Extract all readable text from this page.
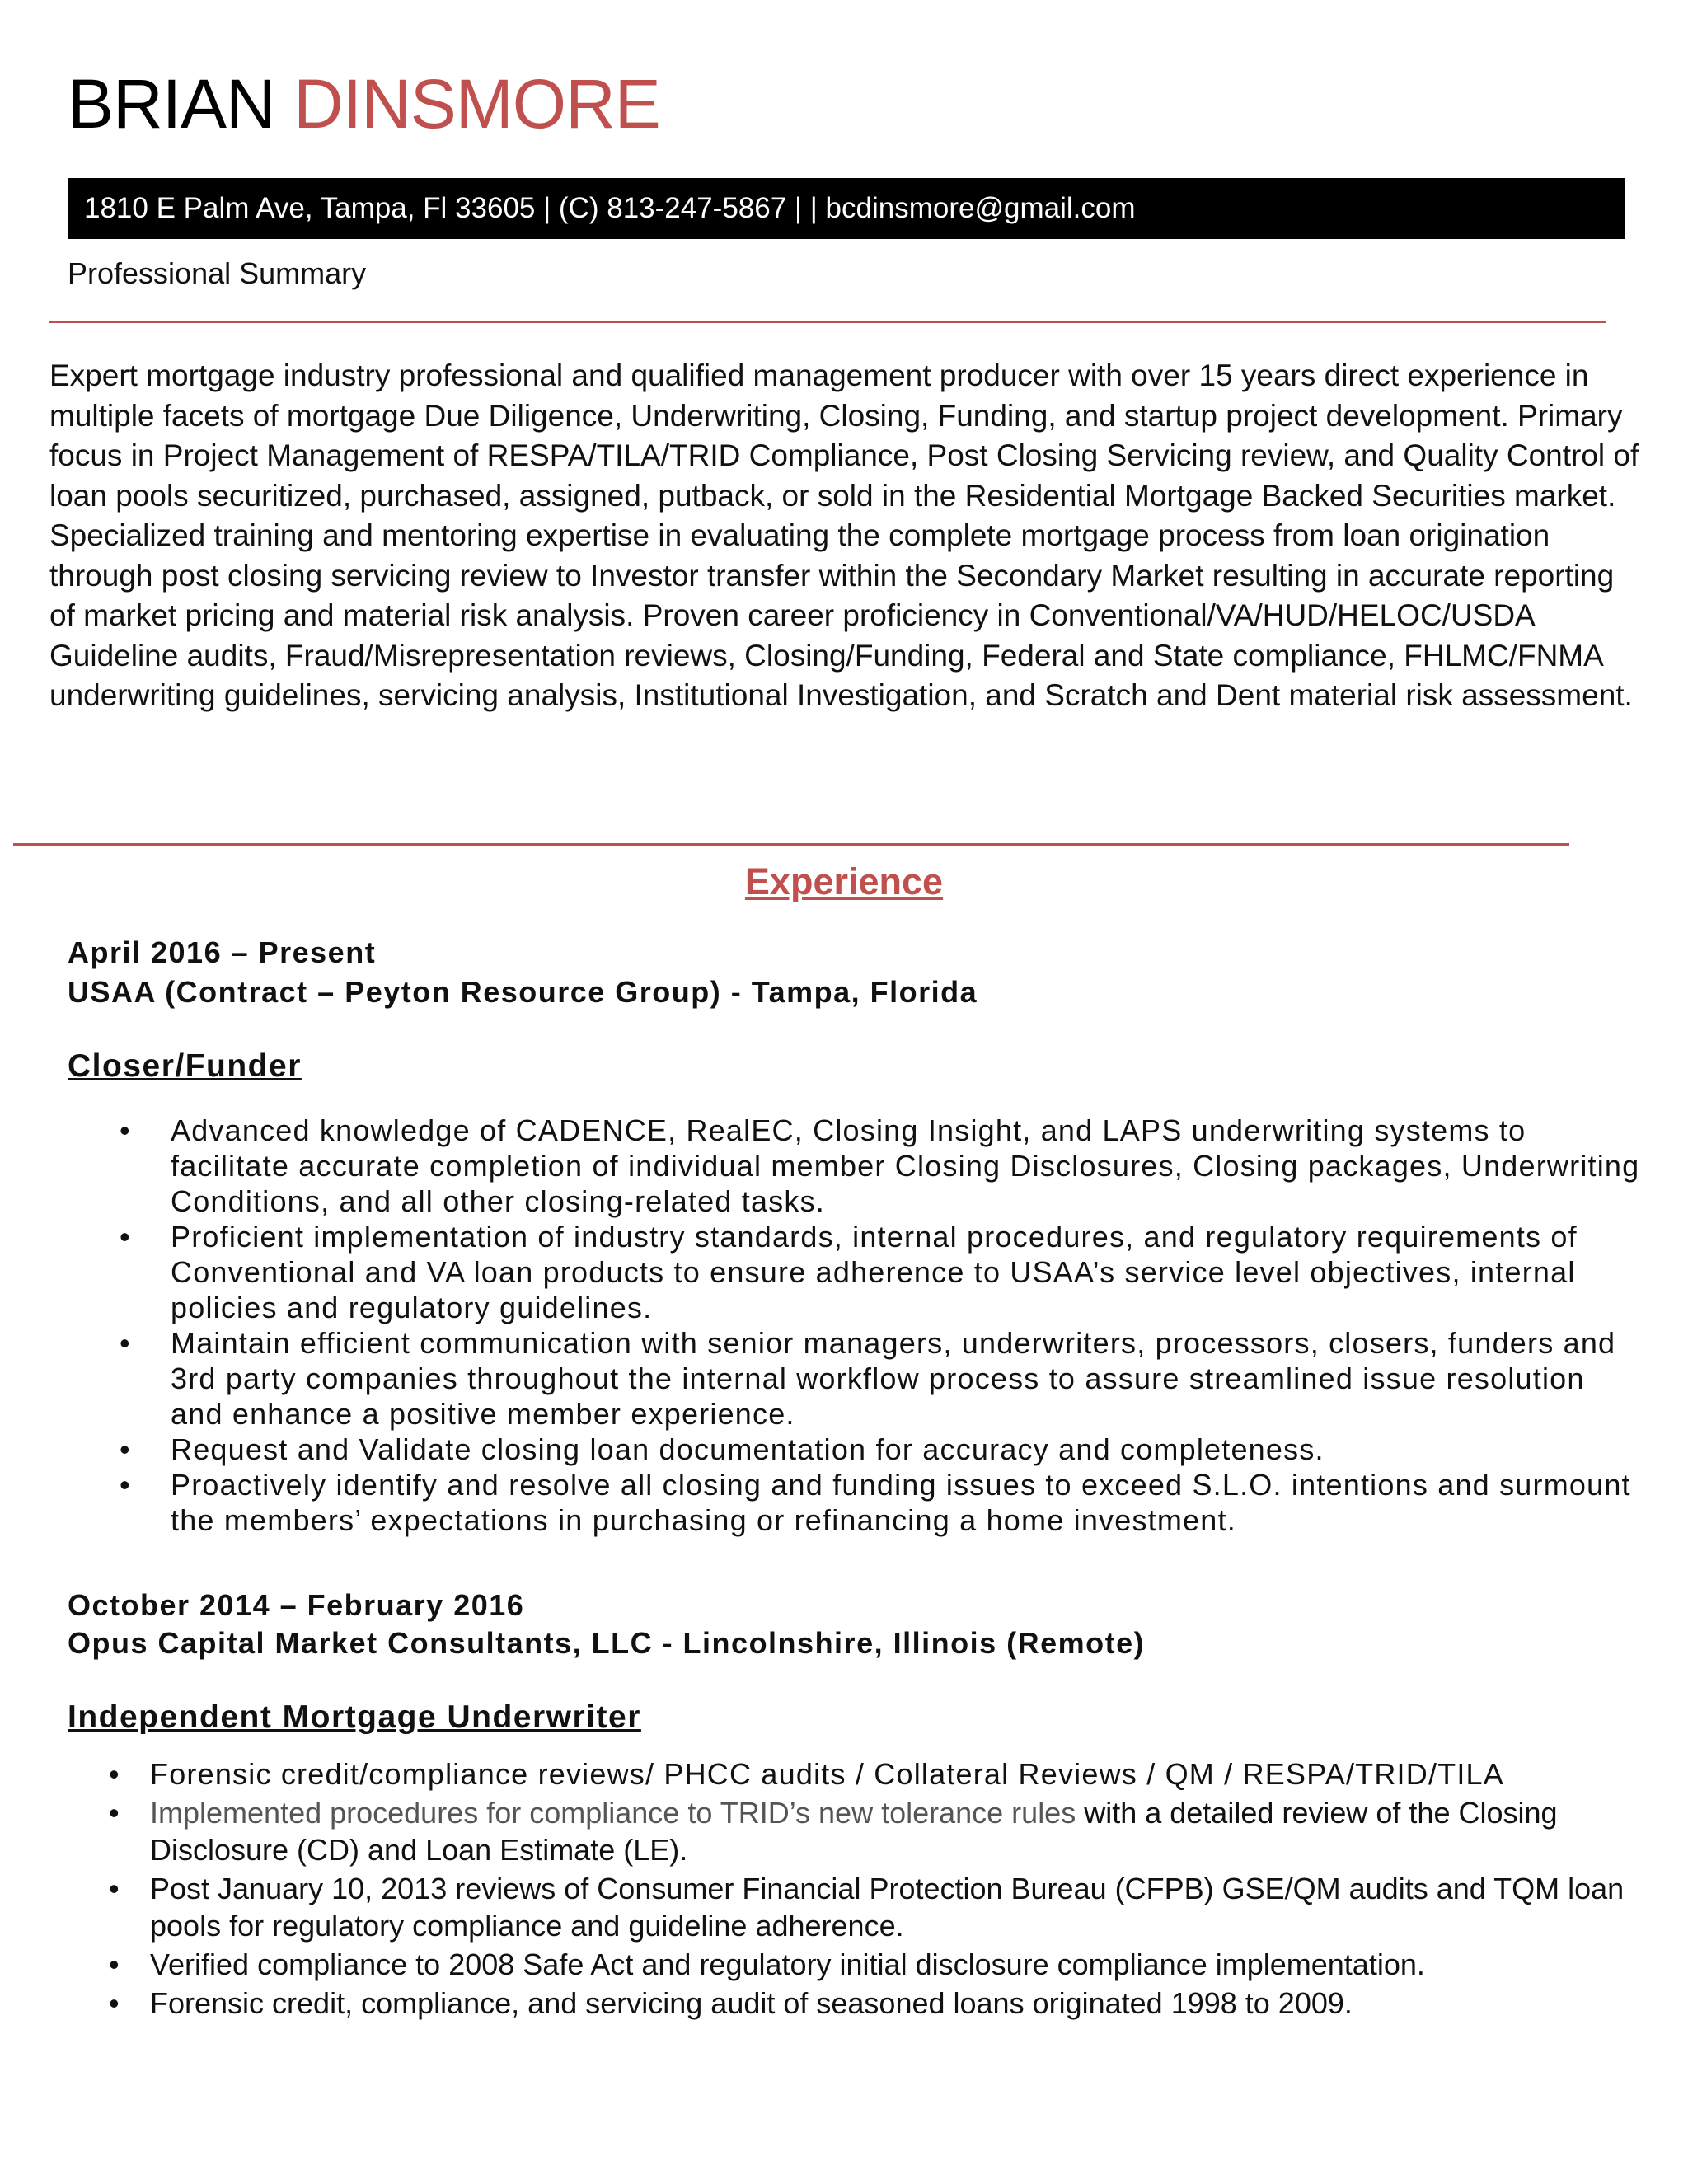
BRIAN DINSMORE
1810 E Palm Ave, Tampa, Fl 33605 | (C) 813-247-5867 | | bcdinsmore@gmail.com
Professional Summary

Expert mortgage industry professional and qualified management producer with over 15 years direct experience in multiple facets of mortgage Due Diligence, Underwriting, Closing, Funding, and startup project development. Primary focus in Project Management of RESPA/TILA/TRID Compliance, Post Closing Servicing review, and Quality Control of loan pools securitized, purchased, assigned, putback, or sold in the Residential Mortgage Backed Securities market. Specialized training and mentoring expertise in evaluating the complete mortgage process from loan origination through post closing servicing review to Investor transfer within the Secondary Market resulting in accurate reporting of market pricing and material risk analysis. Proven career proficiency in Conventional/VA/HUD/HELOC/USDA Guideline audits, Fraud/Misrepresentation reviews, Closing/Funding, Federal and State compliance, FHLMC/FNMA underwriting guidelines, servicing analysis, Institutional Investigation, and Scratch and Dent material risk assessment.

Experience
April 2016 – Present
USAA (Contract – Peyton Resource Group) - Tampa, Florida
Closer/Funder
• Advanced knowledge of CADENCE, RealEC, Closing Insight, and LAPS underwriting systems to facilitate accurate completion of individual member Closing Disclosures, Closing packages, Underwriting Conditions, and all other closing-related tasks.
• Proficient implementation of industry standards, internal procedures, and regulatory requirements of Conventional and VA loan products to ensure adherence to USAA’s service level objectives, internal policies and regulatory guidelines.
• Maintain efficient communication with senior managers, underwriters, processors, closers, funders and 3rd party companies throughout the internal workflow process to assure streamlined issue resolution and enhance a positive member experience.
• Request and Validate closing loan documentation for accuracy and completeness.
• Proactively identify and resolve all closing and funding issues to exceed S.L.O. intentions and surmount the members’ expectations in purchasing or refinancing a home investment.
October 2014 – February 2016
Opus Capital Market Consultants, LLC - Lincolnshire, Illinois (Remote)
Independent Mortgage Underwriter
• Forensic credit/compliance reviews/ PHCC audits / Collateral Reviews / QM / RESPA/TRID/TILA
• Implemented procedures for compliance to TRID’s new tolerance rules with a detailed review of the Closing Disclosure (CD) and Loan Estimate (LE).
• Post January 10, 2013 reviews of Consumer Financial Protection Bureau (CFPB) GSE/QM audits and TQM loan pools for regulatory compliance and guideline adherence.
• Verified compliance to 2008 Safe Act and regulatory initial disclosure compliance implementation.
• Forensic credit, compliance, and servicing audit of seasoned loans originated 1998 to 2009.
